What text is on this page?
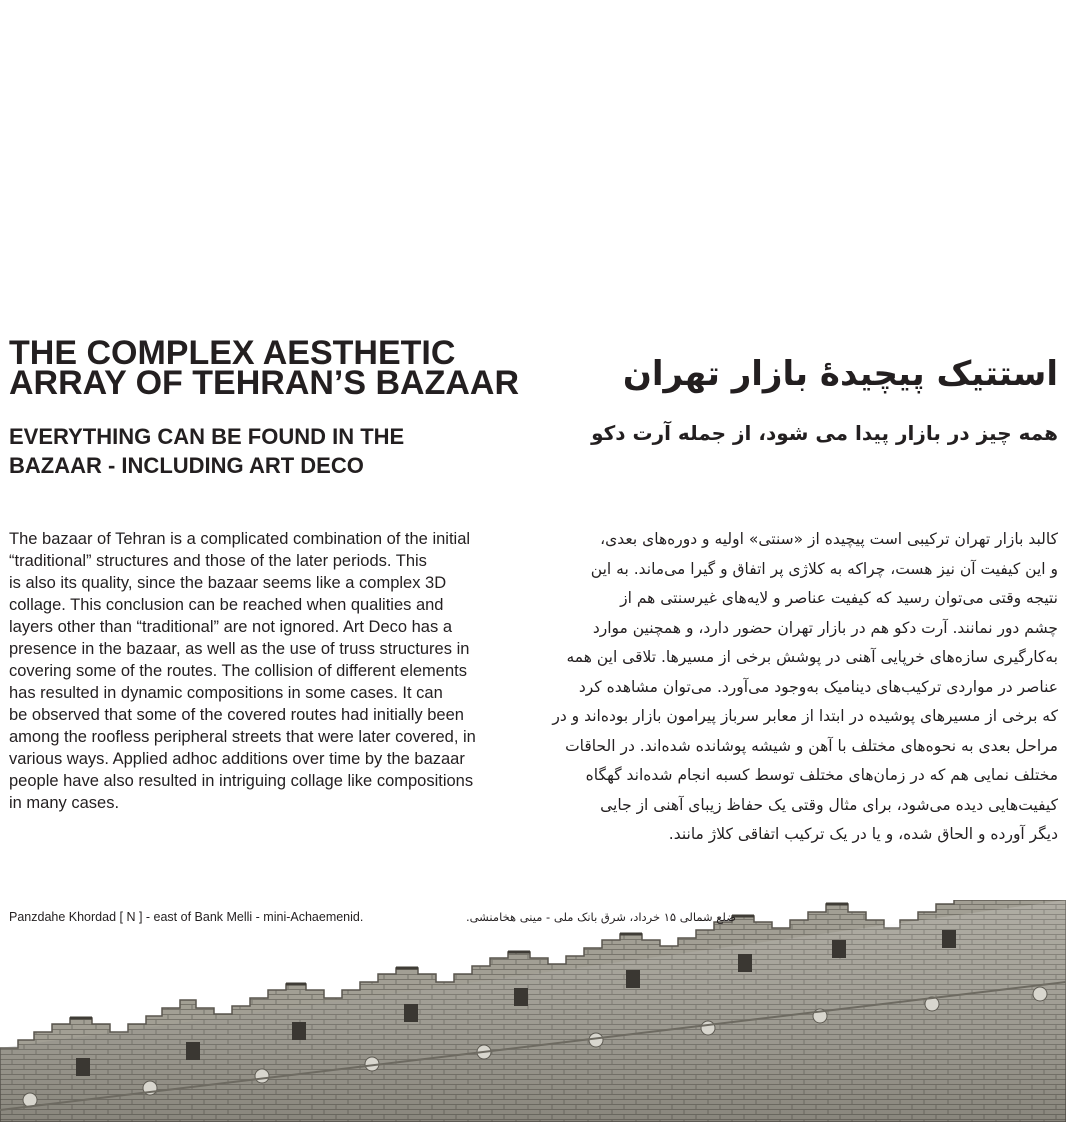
THE COMPLEX AESTHETIC
ARRAY OF TEHRAN’S BAZAAR
EVERYTHING CAN BE FOUND IN THE
BAZAAR - INCLUDING ART DECO
استتیک پیچیدۀ بازار تهران
همه چیز در بازار پیدا می شود، از جمله آرت دکو
The bazaar of Tehran is a complicated combination of the initial
“traditional” structures and those of the later periods. This
is also its quality, since the bazaar seems like a complex 3D
collage. This conclusion can be reached when qualities and
layers other than “traditional” are not ignored. Art Deco has a
presence in the bazaar, as well as the use of truss structures in
covering some of the routes. The collision of different elements
has resulted in dynamic compositions in some cases. It can
be observed that some of the covered routes had initially been
among the roofless peripheral streets that were later covered, in
various ways. Applied adhoc additions over time by the bazaar
people have also resulted in intriguing collage like compositions
in many cases.
کالبد بازار تهران ترکیبی است پیچیده از «سنتی» اولیه و دوره‌های بعدی،
و این کیفیت آن نیز هست، چراکه به کلاژی پر اتفاق و گیرا می‌ماند. به این
نتیجه وقتی می‌توان رسید که کیفیت عناصر و لایه‌های غیرسنتی هم از
چشم دور نمانند. آرت دکو هم در بازار تهران حضور دارد، و همچنین موارد
به‌کارگیری سازه‌های خرپایی آهنی در پوشش برخی از مسیرها. تلاقی این همه
عناصر در مواردی ترکیب‌های دینامیک به‌وجود می‌آورد. می‌توان مشاهده کرد
که برخی از مسیرهای پوشیده در ابتدا از معابر سرباز پیرامون بازار بوده‌اند و در
مراحل بعدی به نحوه‌های مختلف با آهن و شیشه پوشانده شده‌اند. در الحاقات
مختلف نمایی هم که در زمان‌های مختلف توسط کسبه انجام شده‌اند گهگاه
کیفیت‌هایی دیده می‌شود، برای مثال وقتی یک حفاظ زیبای آهنی از جایی
دیگر آورده و الحاق شده، و یا در یک ترکیب اتفاقی کلاژ مانند.
Panzdahe Khordad [ N ] - east of Bank Melli - mini-Achaemenid.	ضلع شمالی ۱۵ خرداد، شرق بانک ملی - مینی هخامنشی.
